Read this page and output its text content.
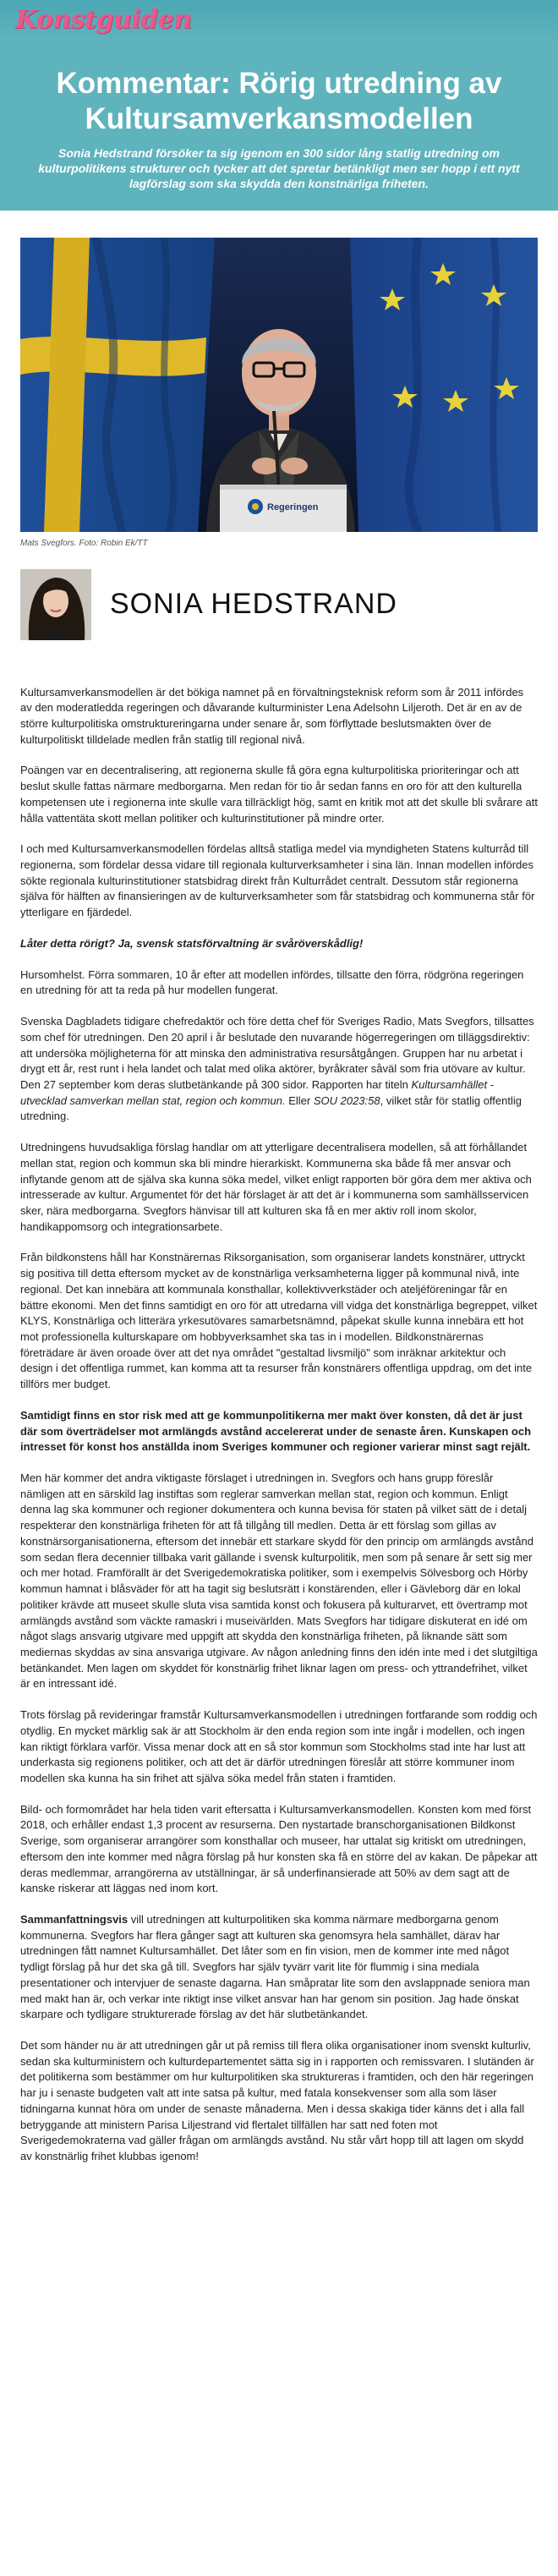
Konstguiden
Kommentar: Rörig utredning av Kultursamverkansmodellen

Sonia Hedstrand försöker ta sig igenom en 300 sidor lång statlig utredning om kulturpolitikens strukturer och tycker att det spretar betänkligt men ser hopp i ett nytt lagförslag som ska skydda den konstnärliga friheten.

Regeringen

Mats Svegfors. Foto: Robin Ek/TT

SONIA HEDSTRAND

Kultursamverkansmodellen är det bökiga namnet på en förvaltningsteknisk reform som år 2011 infördes av den moderatledda regeringen och dåvarande kulturminister Lena Adelsohn Liljeroth. Det är en av de större kulturpolitiska omstruktureringarna under senare år, som förflyttade beslutsmakten över de kulturpolitiskt tilldelade medlen från statlig till regional nivå.

Poängen var en decentralisering, att regionerna skulle få göra egna kulturpolitiska prioriteringar och att beslut skulle fattas närmare medborgarna. Men redan för tio år sedan fanns en oro för att den kulturella kompetensen ute i regionerna inte skulle vara tillräckligt hög, samt en kritik mot att det skulle bli svårare att hålla vattentäta skott mellan politiker och kulturinstitutioner på mindre orter.

I och med Kultursamverkansmodellen fördelas alltså statliga medel via myndigheten Statens kulturråd till regionerna, som fördelar dessa vidare till regionala kulturverksamheter i sina län. Innan modellen infördes sökte regionala kulturinstitutioner statsbidrag direkt från Kulturrådet centralt. Dessutom står regionerna själva för hälften av finansieringen av de kulturverksamheter som får statsbidrag och kommunerna står för ytterligare en fjärdedel.

Låter detta rörigt? Ja, svensk statsförvaltning är svåröverskådlig!

Hursomhelst. Förra sommaren, 10 år efter att modellen infördes, tillsatte den förra, rödgröna regeringen en utredning för att ta reda på hur modellen fungerat.

Svenska Dagbladets tidigare chefredaktör och före detta chef för Sveriges Radio, Mats Svegfors, tillsattes som chef för utredningen. Den 20 april i år beslutade den nuvarande högerregeringen om tilläggsdirektiv: att undersöka möjligheterna för att minska den administrativa resursåtgången. Gruppen har nu arbetat i drygt ett år, rest runt i hela landet och talat med olika aktörer, byråkrater såväl som fria utövare av kultur. Den 27 september kom deras slutbetänkande på 300 sidor. Rapporten har titeln Kultursamhället - utvecklad samverkan mellan stat, region och kommun. Eller SOU 2023:58, vilket står för statlig offentlig utredning.

Utredningens huvudsakliga förslag handlar om att ytterligare decentralisera modellen, så att förhållandet mellan stat, region och kommun ska bli mindre hierarkiskt. Kommunerna ska både få mer ansvar och inflytande genom att de själva ska kunna söka medel, vilket enligt rapporten bör göra dem mer aktiva och intresserade av kultur. Argumentet för det här förslaget är att det är i kommunerna som samhällsservicen sker, nära medborgarna. Svegfors hänvisar till att kulturen ska få en mer aktiv roll inom skolor, handikappomsorg och integrationsarbete.

Från bildkonstens håll har Konstnärernas Riksorganisation, som organiserar landets konstnärer, uttryckt sig positiva till detta eftersom mycket av de konstnärliga verksamheterna ligger på kommunal nivå, inte regional. Det kan innebära att kommunala konsthallar, kollektivverkstäder och ateljéföreningar får en bättre ekonomi. Men det finns samtidigt en oro för att utredarna vill vidga det konstnärliga begreppet, vilket KLYS, Konstnärliga och litterära yrkesutövares samarbetsnämnd, påpekat skulle kunna innebära ett hot mot professionella kulturskapare om hobbyverksamhet ska tas in i modellen. Bildkonstnärernas företrädare är även oroade över att det nya området "gestaltad livsmiljö" som inräknar arkitektur och design i det offentliga rummet, kan komma att ta resurser från konstnärers offentliga uppdrag, om det inte tillförs mer budget.

Samtidigt finns en stor risk med att ge kommunpolitikerna mer makt över konsten, då det är just där som överträdelser mot armlängds avstånd accelererat under de senaste åren. Kunskapen och intresset för konst hos anställda inom Sveriges kommuner och regioner varierar minst sagt rejält.

Men här kommer det andra viktigaste förslaget i utredningen in. Svegfors och hans grupp föreslår nämligen att en särskild lag instiftas som reglerar samverkan mellan stat, region och kommun. Enligt denna lag ska kommuner och regioner dokumentera och kunna bevisa för staten på vilket sätt de i detalj respekterar den konstnärliga friheten för att få tillgång till medlen. Detta är ett förslag som gillas av konstnärsorganisationerna, eftersom det innebär ett starkare skydd för den princip om armlängds avstånd som sedan flera decennier tillbaka varit gällande i svensk kulturpolitik, men som på senare år sett sig mer och mer hotad. Framförallt är det Sverigedemokratiska politiker, som i exempelvis Sölvesborg och Hörby kommun hamnat i blåsväder för att ha tagit sig beslutsrätt i konstärenden, eller i Gävleborg där en lokal politiker krävde att museet skulle sluta visa samtida konst och fokusera på kulturarvet, ett övertramp mot armlängds avstånd som väckte ramaskri i museivärlden. Mats Svegfors har tidigare diskuterat en idé om något slags ansvarig utgivare med uppgift att skydda den konstnärliga friheten, på liknande sätt som mediernas skyddas av sina ansvariga utgivare. Av någon anledning finns den idén inte med i det slutgiltiga betänkandet. Men lagen om skyddet för konstnärlig frihet liknar lagen om press- och yttrandefrihet, vilket är en intressant idé.

Trots förslag på revideringar framstår Kultursamverkansmodellen i utredningen fortfarande som roddig och otydlig. En mycket märklig sak är att Stockholm är den enda region som inte ingår i modellen, och ingen kan riktigt förklara varför. Vissa menar dock att en så stor kommun som Stockholms stad inte har lust att underkasta sig regionens politiker, och att det är därför utredningen föreslår att större kommuner inom modellen ska kunna ha sin frihet att själva söka medel från staten i framtiden.

Bild- och formområdet har hela tiden varit eftersatta i Kultursamverkansmodellen. Konsten kom med först 2018, och erhåller endast 1,3 procent av resurserna. Den nystartade branschorganisationen Bildkonst Sverige, som organiserar arrangörer som konsthallar och museer, har uttalat sig kritiskt om utredningen, eftersom den inte kommer med några förslag på hur konsten ska få en större del av kakan. De påpekar att deras medlemmar, arrangörerna av utställningar, är så underfinansierade att 50% av dem sagt att de kanske riskerar att läggas ned inom kort.

Sammanfattningsvis vill utredningen att kulturpolitiken ska komma närmare medborgarna genom kommunerna. Svegfors har flera gånger sagt att kulturen ska genomsyra hela samhället, därav har utredningen fått namnet Kultursamhället. Det låter som en fin vision, men de kommer inte med något tydligt förslag på hur det ska gå till. Svegfors har själv tyvärr varit lite för flummig i sina mediala presentationer och intervjuer de senaste dagarna. Han småpratar lite som den avslappnade seniora man med makt han är, och verkar inte riktigt inse vilket ansvar han har genom sin position. Jag hade önskat skarpare och tydligare strukturerade förslag av det här slutbetänkandet.

Det som händer nu är att utredningen går ut på remiss till flera olika organisationer inom svenskt kulturliv, sedan ska kulturministern och kulturdepartementet sätta sig in i rapporten och remissvaren. I slutänden är det politikerna som bestämmer om hur kulturpolitiken ska struktureras i framtiden, och den här regeringen har ju i senaste budgeten valt att inte satsa på kultur, med fatala konsekvenser som alla som läser tidningarna kunnat höra om under de senaste månaderna. Men i dessa skakiga tider känns det i alla fall betryggande att ministern Parisa Liljestrand vid flertalet tillfällen har satt ned foten mot Sverigedemokraterna vad gäller frågan om armlängds avstånd. Nu står vårt hopp till att lagen om skydd av konstnärlig frihet klubbas igenom!
